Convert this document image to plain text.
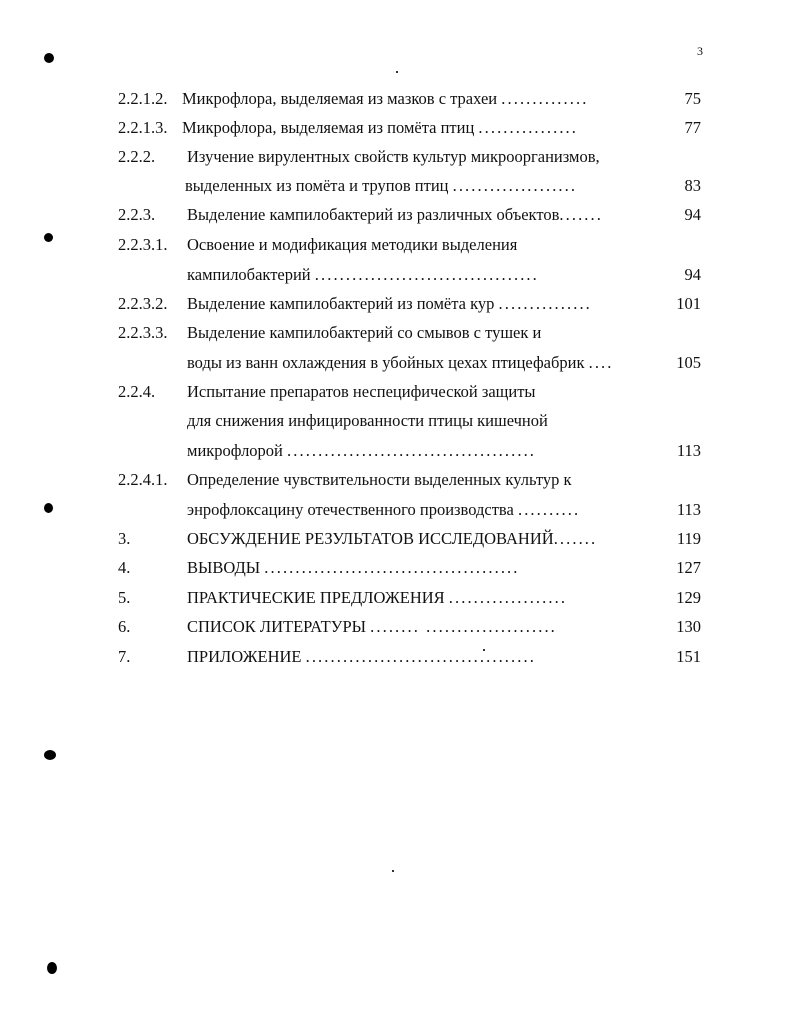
3
2.2.1.2. Микрофлора, выделяемая из мазков с трахеи ..............	75
2.2.1.3. Микрофлора, выделяемая из помёта птиц ................	77
2.2.2. Изучение вирулентных свойств культур микроорганизмов,
выделенных из помёта и трупов птиц ....................	83
2.2.3. Выделение кампилобактерий из различных объектов.......	94
2.2.3.1. Освоение и модификация методики выделения
кампилобактерий ....................................	94
2.2.3.2. Выделение кампилобактерий из помёта кур ...............	101
2.2.3.3. Выделение кампилобактерий со смывов с тушек и
воды из ванн охлаждения в убойных цехах птицефабрик ....	105
2.2.4. Испытание препаратов неспецифической защиты
для снижения инфицированности птицы кишечной
микрофлорой ........................................	113
2.2.4.1. Определение чувствительности выделенных культур к
энрофлоксацину отечественного производства ..........	113
3.	ОБСУЖДЕНИЕ РЕЗУЛЬТАТОВ ИССЛЕДОВАНИЙ.......	119
4.	ВЫВОДЫ .........................................	127
5.	ПРАКТИЧЕСКИЕ ПРЕДЛОЖЕНИЯ ...................	129
6.	СПИСОК ЛИТЕРАТУРЫ ........ .....................	130
7.	ПРИЛОЖЕНИЕ .....................................	151
